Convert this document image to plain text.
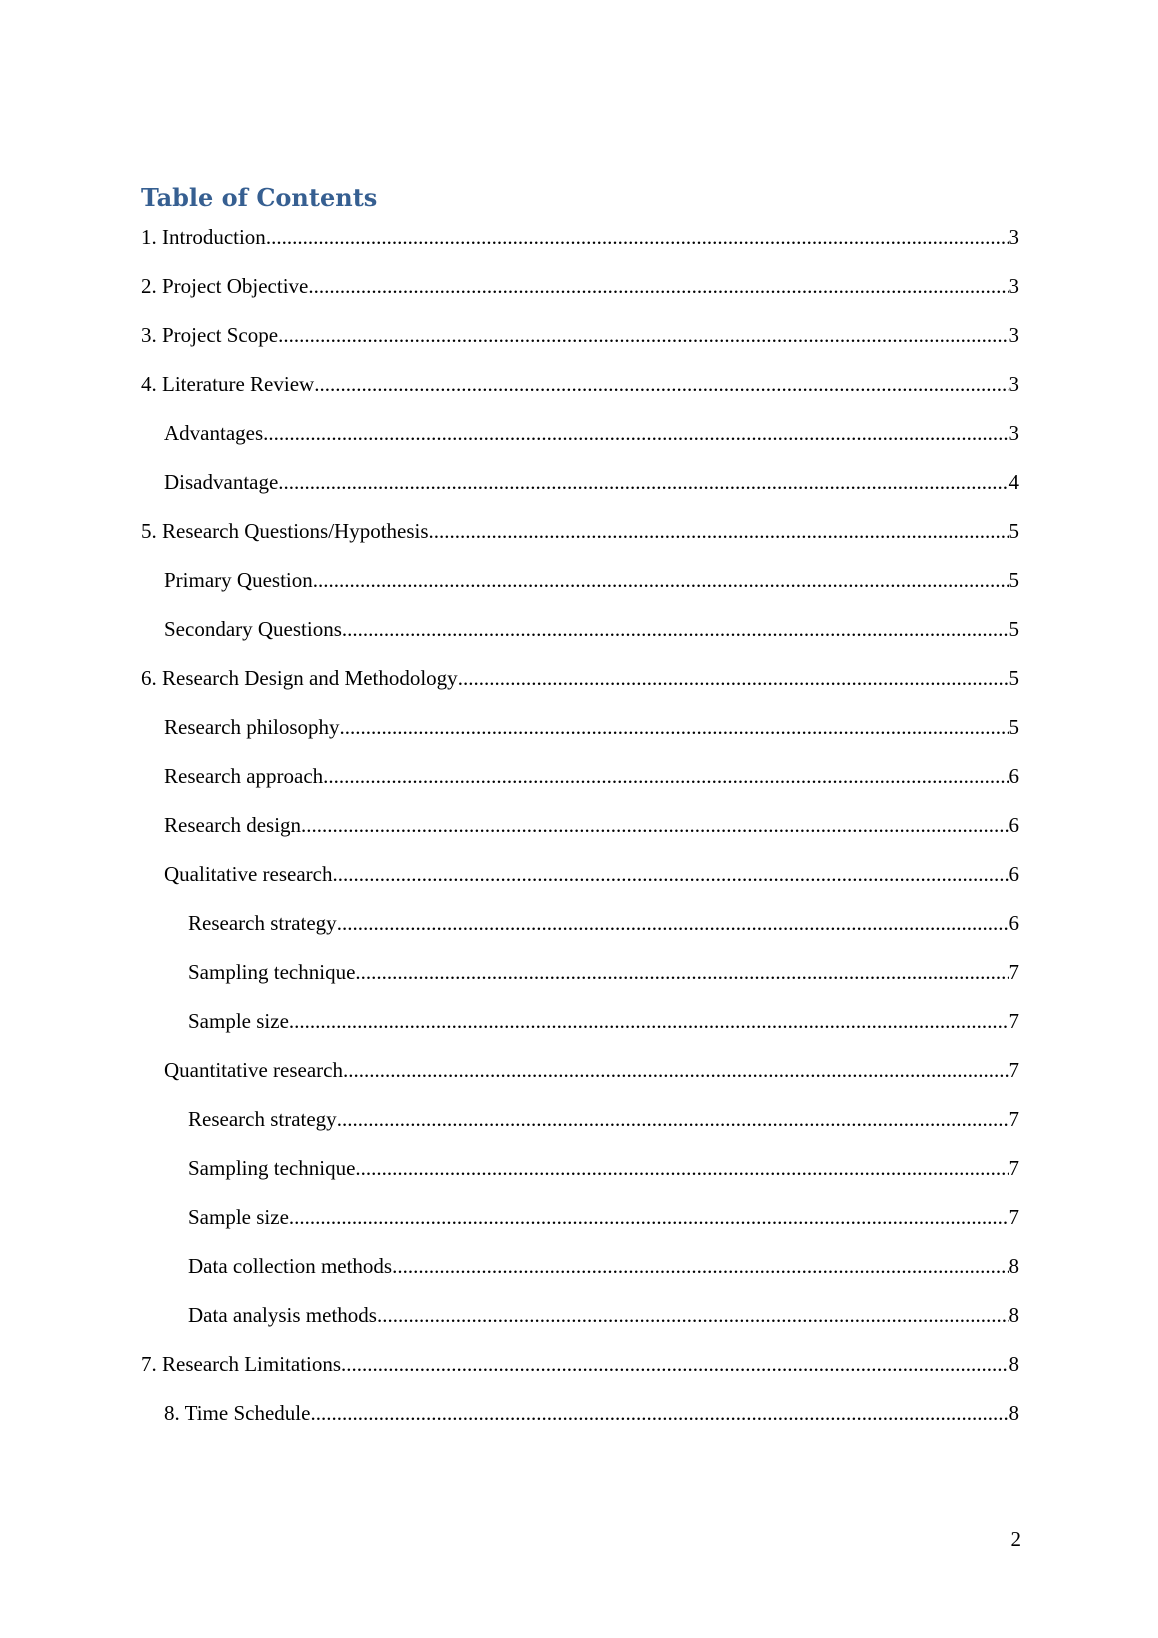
Table of Contents
1. Introduction .....	3
2. Project Objective .....	3
3. Project Scope .....	3
4. Literature Review .....	3
Advantages .....	3
Disadvantage .....	4
5. Research Questions/Hypothesis .....	5
Primary Question .....	5
Secondary Questions .....	5
6. Research Design and Methodology .....	5
Research philosophy .....	5
Research approach .....	6
Research design .....	6
Qualitative research .....	6
Research strategy .....	6
Sampling technique .....	7
Sample size .....	7
Quantitative research .....	7
Research strategy .....	7
Sampling technique .....	7
Sample size .....	7
Data collection methods .....	8
Data analysis methods .....	8
7. Research Limitations .....	8
8. Time Schedule .....	8
2
